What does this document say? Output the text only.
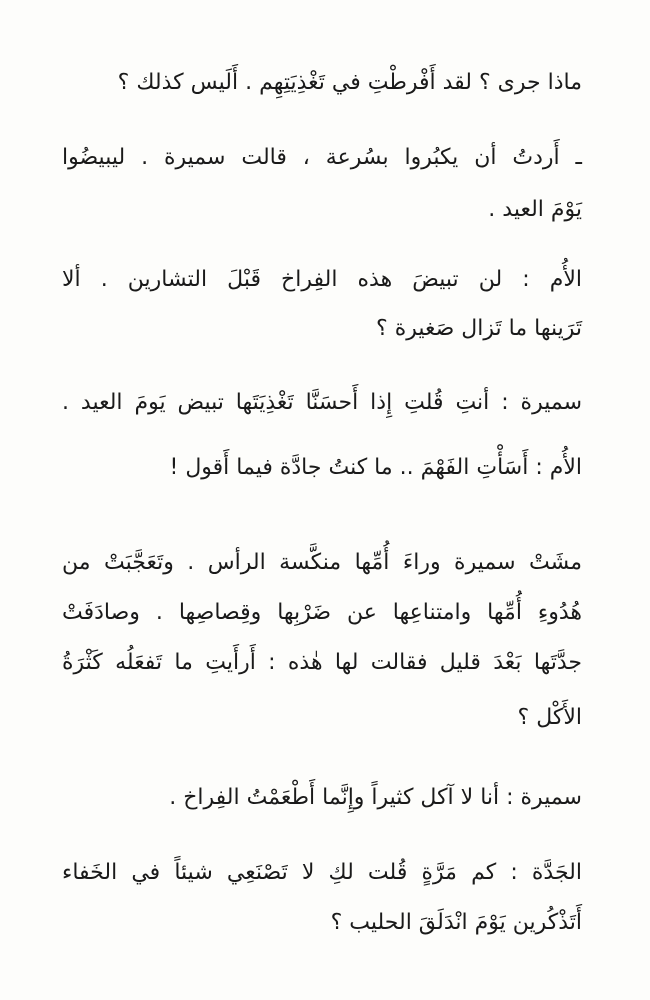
ماذا جرى ؟ لقد أَفْرطْتِ في تَغْذِيَتِهِم . أَلَيس كذلك ؟
ـ أَردتُ أن يكبُروا بسُرعة ، قالت سميرة . ليبيضُوا
يَوْمَ العيد .
الأُم : لن تبيضَ هذه الفِراخ قَبْلَ التشارين . ألا
تَرَينها ما تَزال صَغيرة ؟
سميرة : أنتِ قُلتِ إِذا أَحسَنَّا تَغْذِيَتَها تبيض يَومَ العيد .
الأُم : أَسَأْتِ الفَهْمَ .. ما كنتُ جادَّة فيما أَقول !
مشَتْ سميرة وراءَ أُمِّها منكَّسة الرأس . وتَعَجَّبَتْ من
هُدُوءِ أُمِّها وامتناعِها عن ضَرْبِها وقِصاصِها . وصادَفَتْ
جدَّتَها بَعْدَ قليل فقالت لها هٰذه : أَرأَيتِ ما تَفعَلُه كَثْرَةُ
الأَكْل ؟
سميرة : أنا لا آكل كثيراً وإِنَّما أَطْعَمْتُ الفِراخ .
الجَدَّة : كم مَرَّةٍ قُلت لكِ لا تَصْنَعِي شيئاً في الخَفاء
أَتَذْكُرين يَوْمَ انْدَلَقَ الحليب ؟
